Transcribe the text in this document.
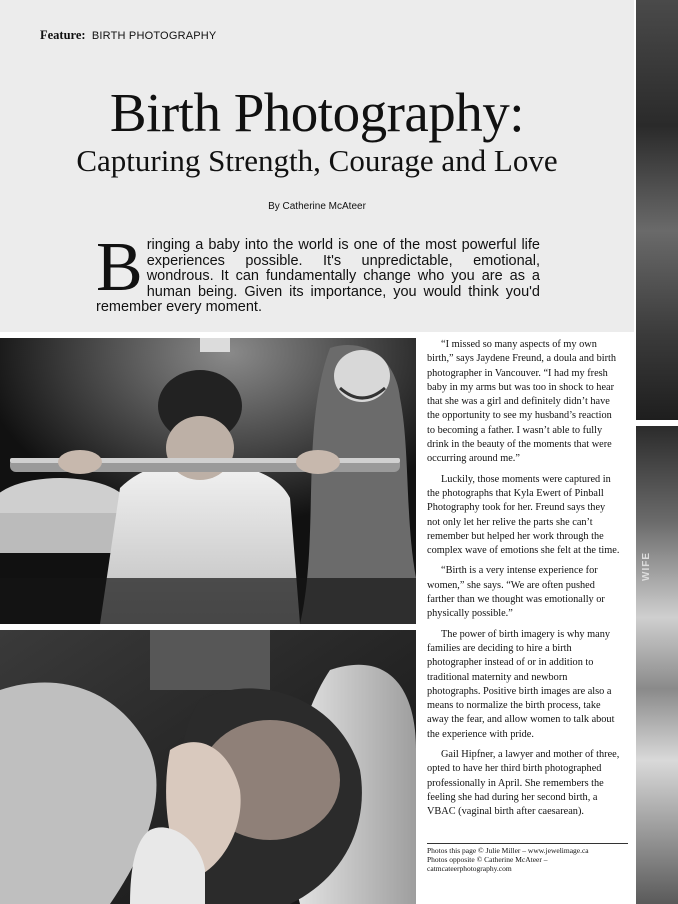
Feature: BIRTH PHOTOGRAPHY
Birth Photography:
Capturing Strength, Courage and Love
By Catherine McAteer
B ringing a baby into the world is one of the most powerful life experiences possible. It's unpredictable, emotional, wondrous. It can fundamentally change who you are as a human being. Given its importance, you would think you'd remember every moment.
WIFE

“I missed so many aspects of my own birth,” says Jaydene Freund, a doula and birth photographer in Vancouver. “I had my fresh baby in my arms but was too in shock to hear that she was a girl and definitely didn’t have the opportunity to see my husband’s reaction to becoming a father. I wasn’t able to fully drink in the beauty of the moments that were occurring around me.”

Luckily, those moments were captured in the photographs that Kyla Ewert of Pinball Photography took for her. Freund says they not only let her relive the parts she can’t remember but helped her work through the complex wave of emotions she felt at the time.

“Birth is a very intense experience for women,” she says. “We are often pushed farther than we thought was emotionally or physically possible.”

The power of birth imagery is why many families are deciding to hire a birth photographer instead of or in addition to traditional maternity and newborn photographs. Positive birth images are also a means to normalize the birth process, take away the fear, and allow women to talk about the experience with pride.

Gail Hipfner, a lawyer and mother of three, opted to have her third birth photographed professionally in April. She remembers the feeling she had during her second birth, a VBAC (vaginal birth after caesarean).

Photos this page © Julie Miller – www.jewelimage.ca
Photos opposite © Catherine McAteer –
catmcateerphotography.com
